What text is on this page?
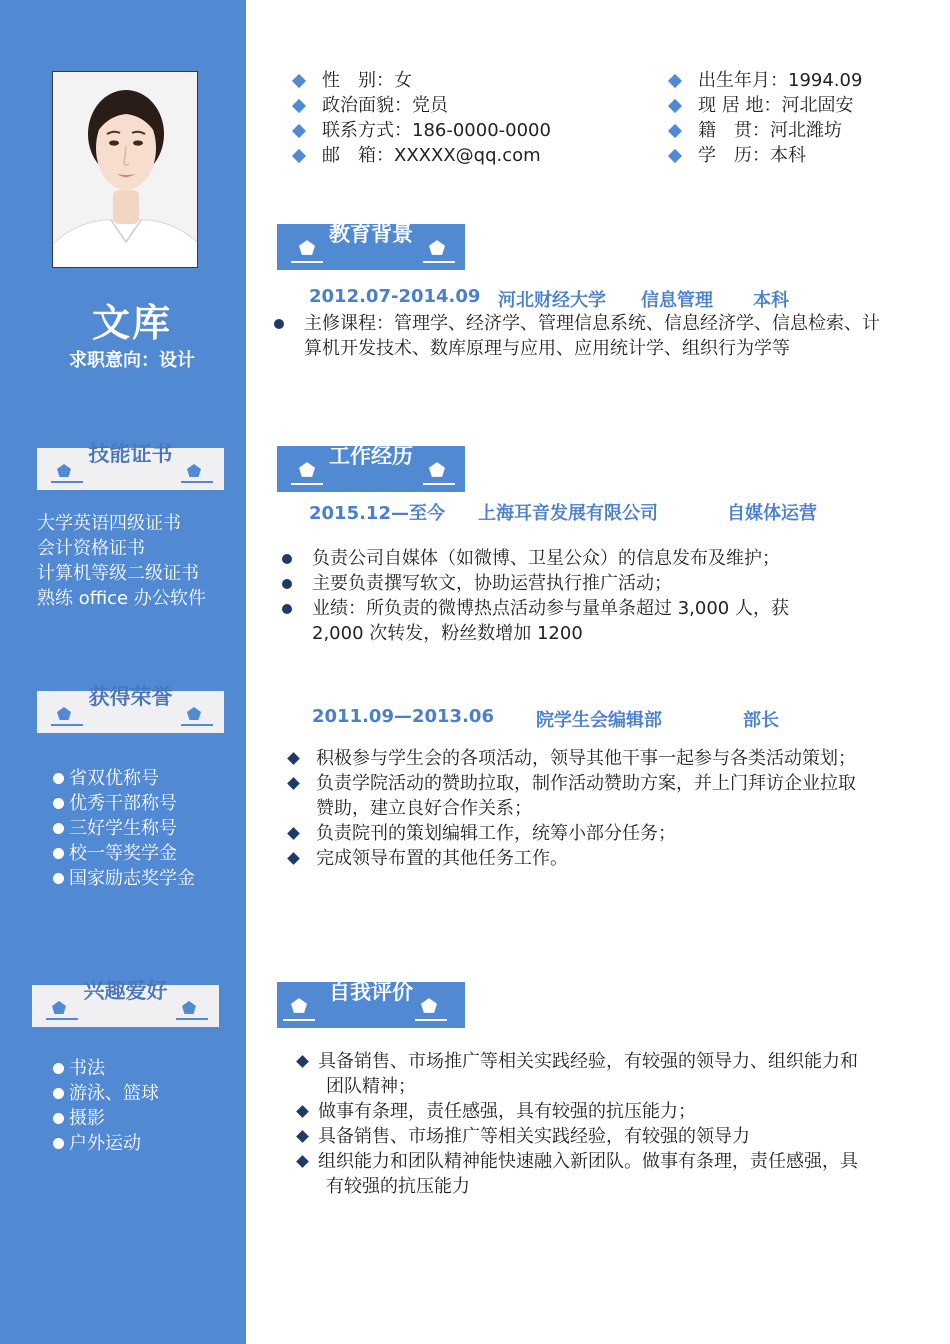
文库
求职意向：设计
技能证书
大学英语四级证书
会计资格证书
计算机等级二级证书
熟练 office 办公软件
获得荣誉
省双优称号
优秀干部称号
三好学生称号
校一等奖学金
国家励志奖学金
兴趣爱好
书法
游泳、篮球
摄影
户外运动
性　别：女
政治面貌：党员
联系方式：186-0000-0000
邮　箱：XXXXX@qq.com
出生年月：1994.09
现 居 地：河北固安
籍　贯：河北潍坊
学　历：本科
教育背景
2012.07-2014.09 河北财经大学 信息管理 本科
主修课程：管理学、经济学、管理信息系统、信息经济学、信息检索、计
算机开发技术、数库原理与应用、应用统计学、组织行为学等
工作经历
2015.12—至今 上海耳音发展有限公司	自媒体运营
负责公司自媒体（如微博、卫星公众）的信息发布及维护；
主要负责撰写软文，协助运营执行推广活动；
业绩：所负责的微博热点活动参与量单条超过 3,000 人，获
2,000 次转发，粉丝数增加 1200
2011.09—2013.06 院学生会编辑部	部长
积极参与学生会的各项活动，领导其他干事一起参与各类活动策划；
负责学院活动的赞助拉取，制作活动赞助方案，并上门拜访企业拉取
赞助，建立良好合作关系；
负责院刊的策划编辑工作，统筹小部分任务；
完成领导布置的其他任务工作。
自我评价
具备销售、市场推广等相关实践经验，有较强的领导力、组织能力和

团队精神；
做事有条理，责任感强，具有较强的抗压能力；
具备销售、市场推广等相关实践经验，有较强的领导力
组织能力和团队精神能快速融入新团队。做事有条理，责任感强，具

有较强的抗压能力
